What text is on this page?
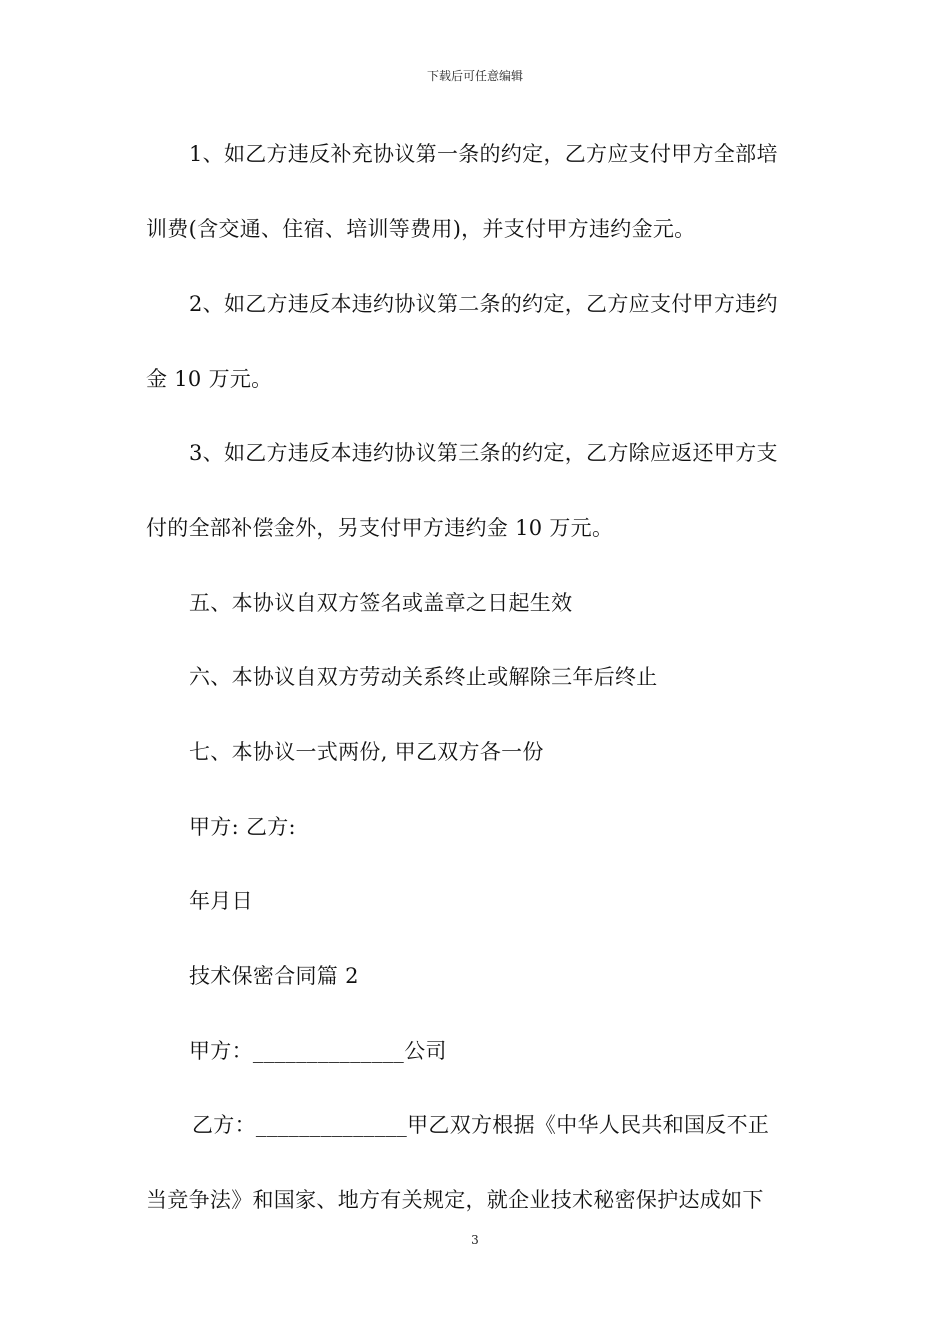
下载后可任意编辑
1、如乙方违反补充协议第一条的约定，乙方应支付甲方全部培
训费(含交通、住宿、培训等费用)，并支付甲方违约金元。
2、如乙方违反本违约协议第二条的约定，乙方应支付甲方违约
金 10 万元。
3、如乙方违反本违约协议第三条的约定，乙方除应返还甲方支
付的全部补偿金外，另支付甲方违约金 10 万元。
五、本协议自双方签名或盖章之日起生效
六、本协议自双方劳动关系终止或解除三年后终止
七、本协议一式两份, 甲乙双方各一份
甲方: 乙方:
年月日
技术保密合同篇 2
甲方：______________公司
乙方：______________甲乙双方根据《中华人民共和国反不正
当竞争法》和国家、地方有关规定，就企业技术秘密保护达成如下
3
